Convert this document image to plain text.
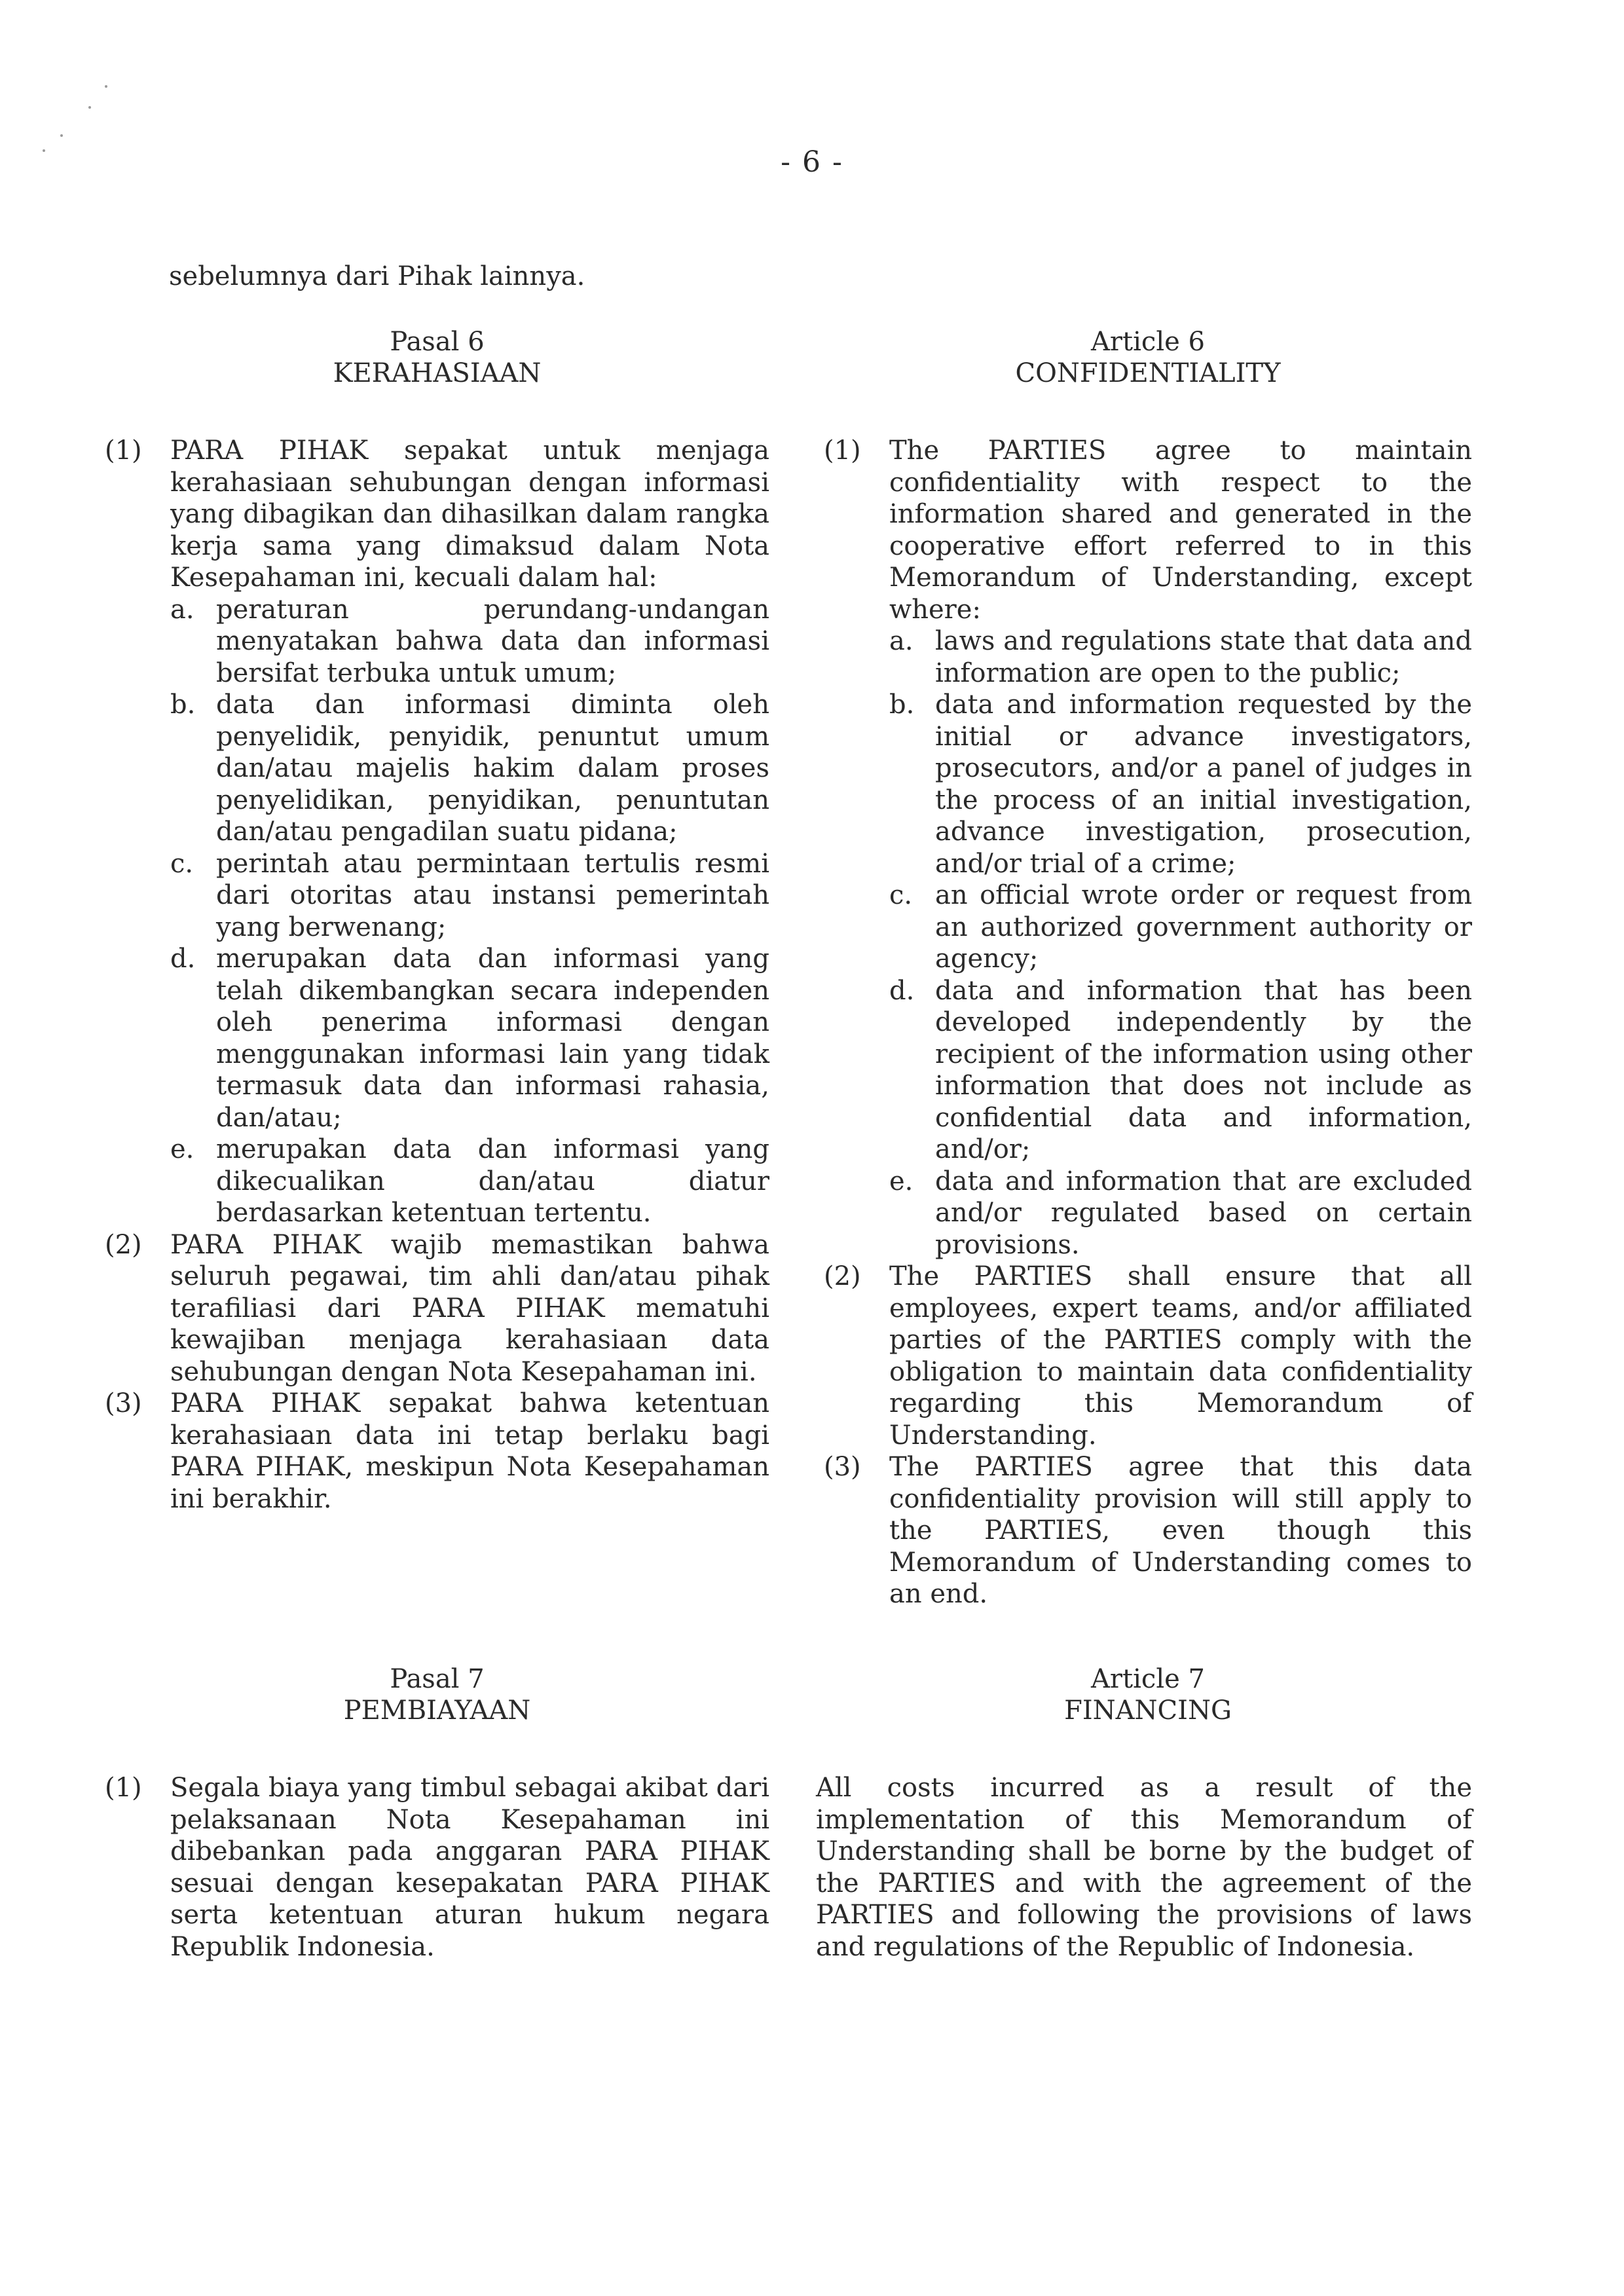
- 6 -
sebelumnya dari Pihak lainnya.
Pasal 6
KERAHASIAAN
(1) PARA PIHAK sepakat untuk menjaga kerahasiaan sehubungan dengan informasi yang dibagikan dan dihasilkan dalam rangka kerja sama yang dimaksud dalam Nota Kesepahaman ini, kecuali dalam hal:
a. peraturan perundang-undangan menyatakan bahwa data dan informasi bersifat terbuka untuk umum;
b. data dan informasi diminta oleh penyelidik, penyidik, penuntut umum dan/atau majelis hakim dalam proses penyelidikan, penyidikan, penuntutan dan/atau pengadilan suatu pidana;
c. perintah atau permintaan tertulis resmi dari otoritas atau instansi pemerintah yang berwenang;
d. merupakan data dan informasi yang telah dikembangkan secara independen oleh penerima informasi dengan menggunakan informasi lain yang tidak termasuk data dan informasi rahasia, dan/atau;
e. merupakan data dan informasi yang dikecualikan dan/atau diatur berdasarkan ketentuan tertentu.
(2) PARA PIHAK wajib memastikan bahwa seluruh pegawai, tim ahli dan/atau pihak terafiliasi dari PARA PIHAK mematuhi kewajiban menjaga kerahasiaan data sehubungan dengan Nota Kesepahaman ini.
(3) PARA PIHAK sepakat bahwa ketentuan kerahasiaan data ini tetap berlaku bagi PARA PIHAK, meskipun Nota Kesepahaman ini berakhir.
Article 6
CONFIDENTIALITY
(1) The PARTIES agree to maintain confidentiality with respect to the information shared and generated in the cooperative effort referred to in this Memorandum of Understanding, except where:
a. laws and regulations state that data and information are open to the public;
b. data and information requested by the initial or advance investigators, prosecutors, and/or a panel of judges in the process of an initial investigation, advance investigation, prosecution, and/or trial of a crime;
c. an official wrote order or request from an authorized government authority or agency;
d. data and information that has been developed independently by the recipient of the information using other information that does not include as confidential data and information, and/or;
e. data and information that are excluded and/or regulated based on certain provisions.
(2) The PARTIES shall ensure that all employees, expert teams, and/or affiliated parties of the PARTIES comply with the obligation to maintain data confidentiality regarding this Memorandum of Understanding.
(3) The PARTIES agree that this data confidentiality provision will still apply to the PARTIES, even though this Memorandum of Understanding comes to an end.
Pasal 7
PEMBIAYAAN
(1) Segala biaya yang timbul sebagai akibat dari pelaksanaan Nota Kesepahaman ini dibebankan pada anggaran PARA PIHAK sesuai dengan kesepakatan PARA PIHAK serta ketentuan aturan hukum negara Republik Indonesia.
Article 7
FINANCING
All costs incurred as a result of the implementation of this Memorandum of Understanding shall be borne by the budget of the PARTIES and with the agreement of the PARTIES and following the provisions of laws and regulations of the Republic of Indonesia.
